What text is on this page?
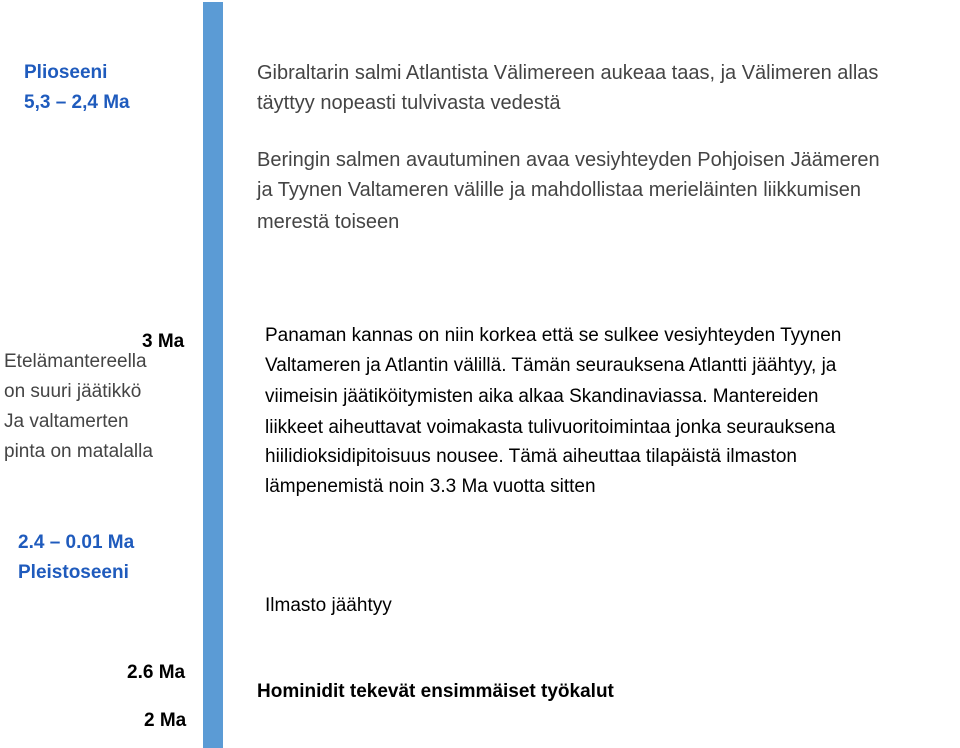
Plioseeni
5,3 – 2,4 Ma
3 Ma
Etelämantereella
on suuri jäätikkö
Ja valtamerten
pinta on matalalla
2.4 – 0.01 Ma
Pleistoseeni
2.6 Ma
2 Ma
Gibraltarin salmi Atlantista Välimereen aukeaa taas, ja Välimeren allas
täyttyy nopeasti tulvivasta vedestä
Beringin salmen avautuminen avaa vesiyhteyden Pohjoisen Jäämeren
ja Tyynen Valtameren välille ja mahdollistaa merieläinten liikkumisen
merestä toiseen
Panaman kannas on niin korkea että se sulkee vesiyhteyden Tyynen
Valtameren ja Atlantin välillä. Tämän seurauksena Atlantti jäähtyy, ja
viimeisin jäätiköitymisten aika alkaa Skandinaviassa. Mantereiden
liikkeet aiheuttavat voimakasta tulivuoritoimintaa jonka seurauksena
hiilidioksidipitoisuus nousee. Tämä aiheuttaa tilapäistä ilmaston
lämpenemistä noin 3.3 Ma vuotta sitten
Ilmasto jäähtyy
Hominidit tekevät ensimmäiset työkalut
